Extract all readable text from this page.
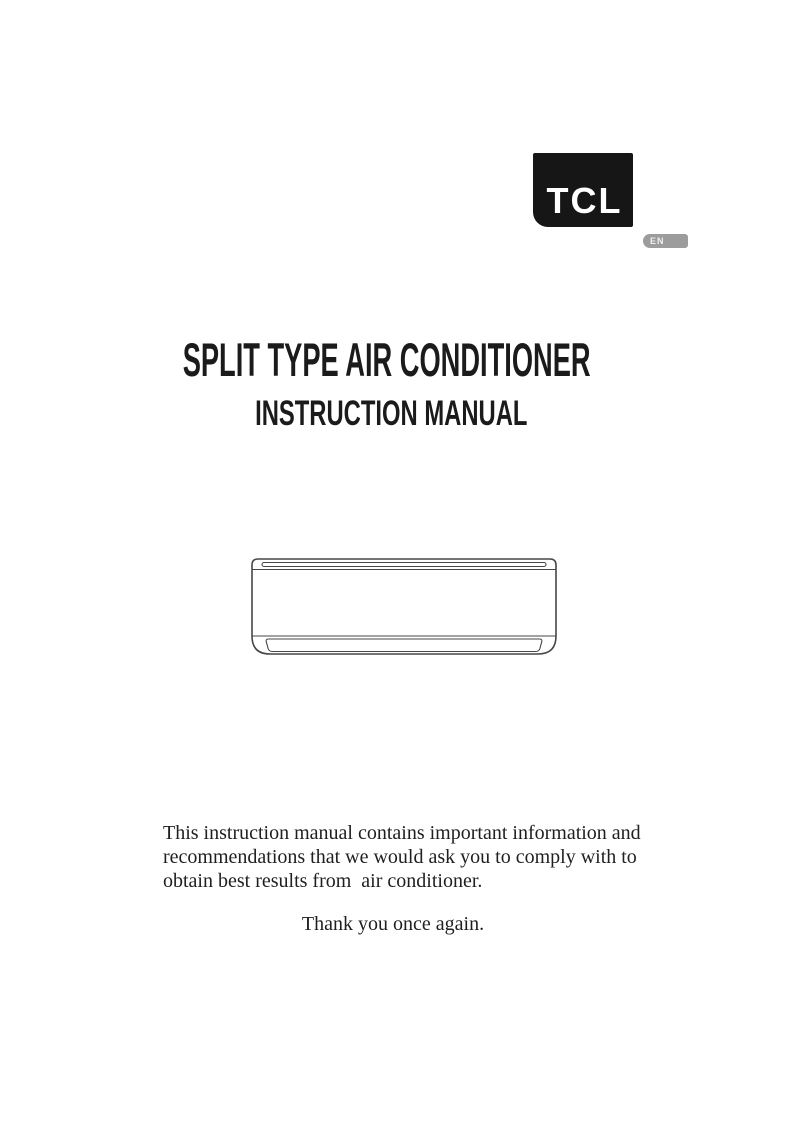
TCL
EN
SPLIT TYPE AIR CONDITIONER
INSTRUCTION MANUAL
This instruction manual contains important information and
recommendations that we would ask you to comply with to
obtain best results from  air conditioner.
Thank you once again.
